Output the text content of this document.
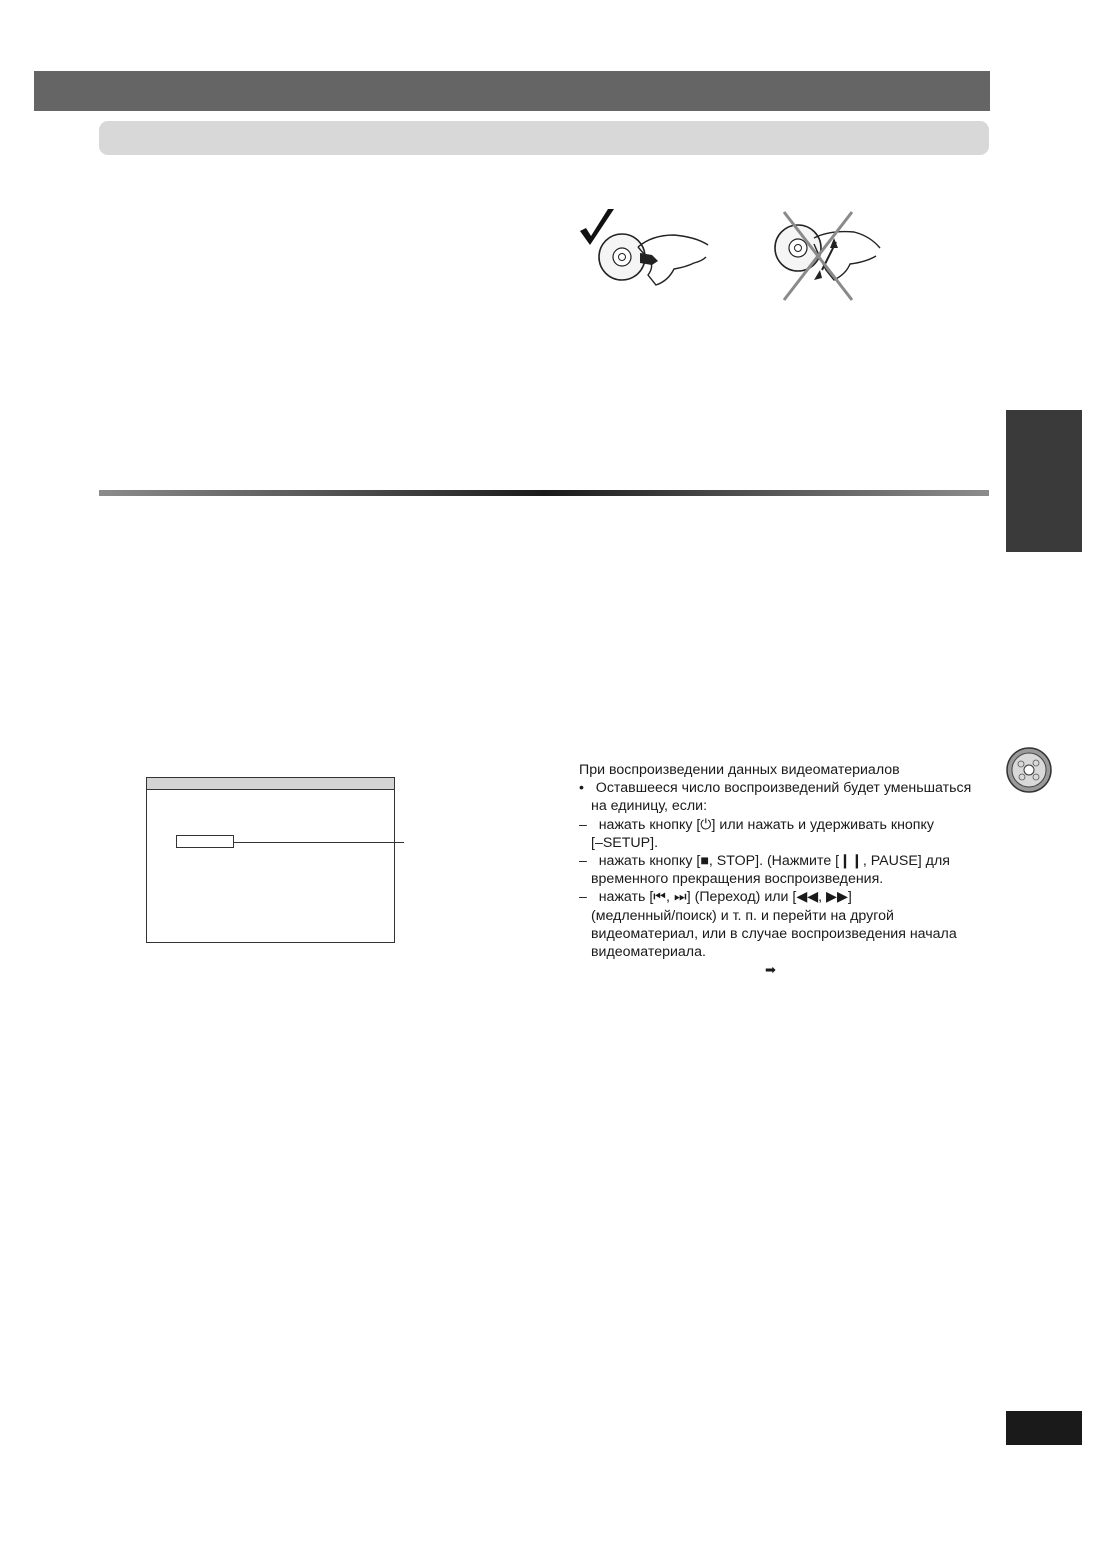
При воспроизведении данных видеоматериалов
• Оставшееся число воспроизведений будет уменьшаться
на единицу, если:
– нажать кнопку [⏻] или нажать и удерживать кнопку
[–SETUP].
– нажать кнопку [■, STOP]. (Нажмите [❙❙, PAUSE] для
временного прекращения воспроизведения.
– нажать [⏮, ⏭] (Переход) или [◀◀, ▶▶]
(медленный/поиск) и т. п. и перейти на другой
видеоматериал, или в случае воспроизведения начала
видеоматериала.
➡
